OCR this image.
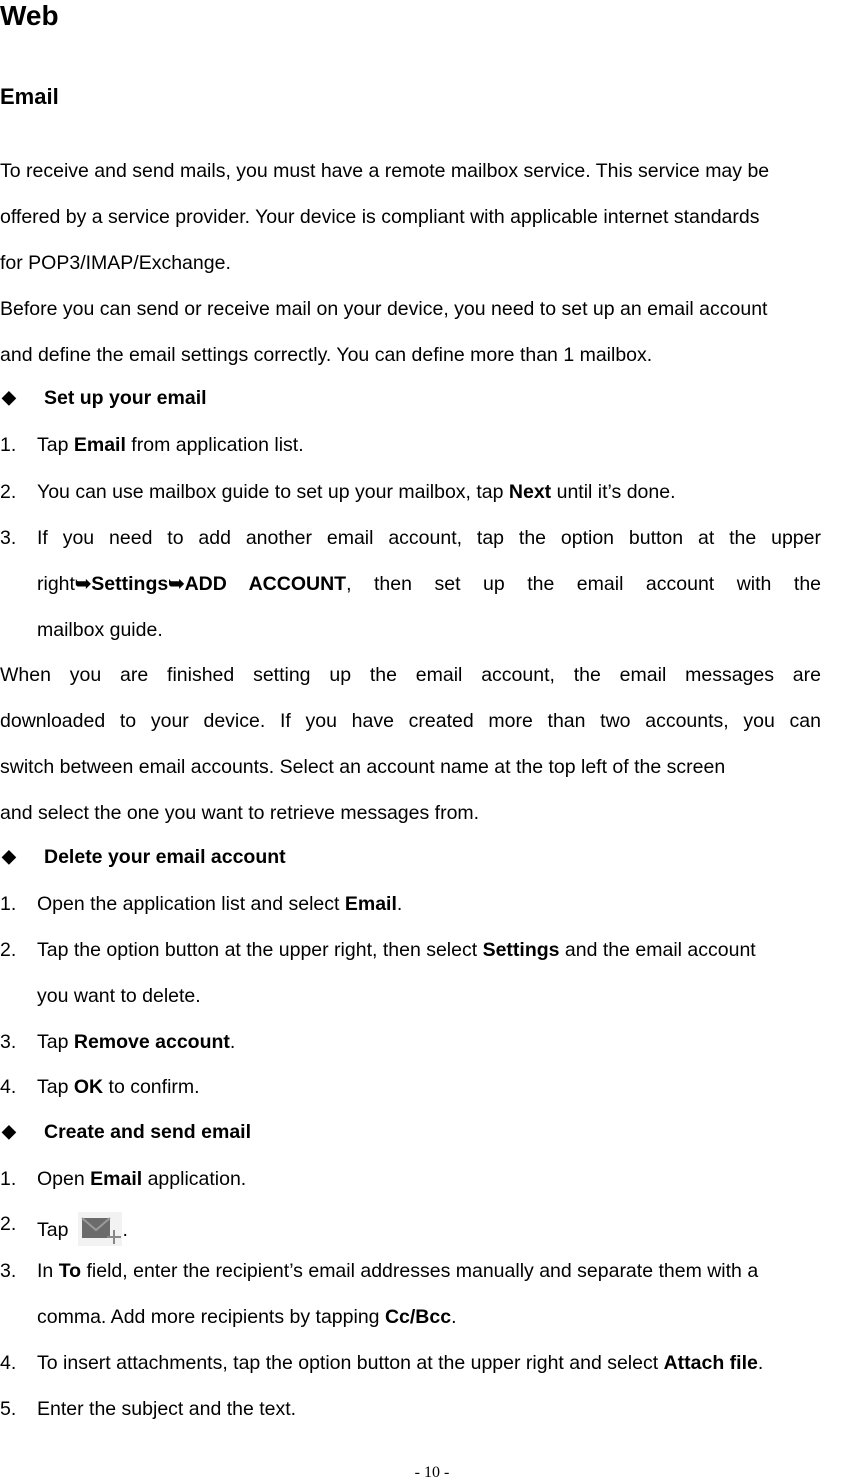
Web
Email
To receive and send mails, you must have a remote mailbox service. This service may be
offered by a service provider. Your device is compliant with applicable internet standards
for POP3/IMAP/Exchange.
Before you can send or receive mail on your device, you need to set up an email account
and define the email settings correctly. You can define more than 1 mailbox.
◆ Set up your email
1. Tap Email from application list.
2. You can use mailbox guide to set up your mailbox, tap Next until it’s done.
3. If you need to add another email account, tap the option button at the upper
right➥Settings➥ADD ACCOUNT, then set up the email account with the
mailbox guide.
When you are finished setting up the email account, the email messages are
downloaded to your device. If you have created more than two accounts, you can
switch between email accounts. Select an account name at the top left of the screen
and select the one you want to retrieve messages from.
◆ Delete your email account
1. Open the application list and select Email.
2. Tap the option button at the upper right, then select Settings and the email account
you want to delete.
3. Tap Remove account.
4. Tap OK to confirm.
◆ Create and send email
1. Open Email application.
2. Tap	.
3. In To field, enter the recipient’s email addresses manually and separate them with a
comma. Add more recipients by tapping Cc/Bcc.
4. To insert attachments, tap the option button at the upper right and select Attach file.
5. Enter the subject and the text.
- 10 -
